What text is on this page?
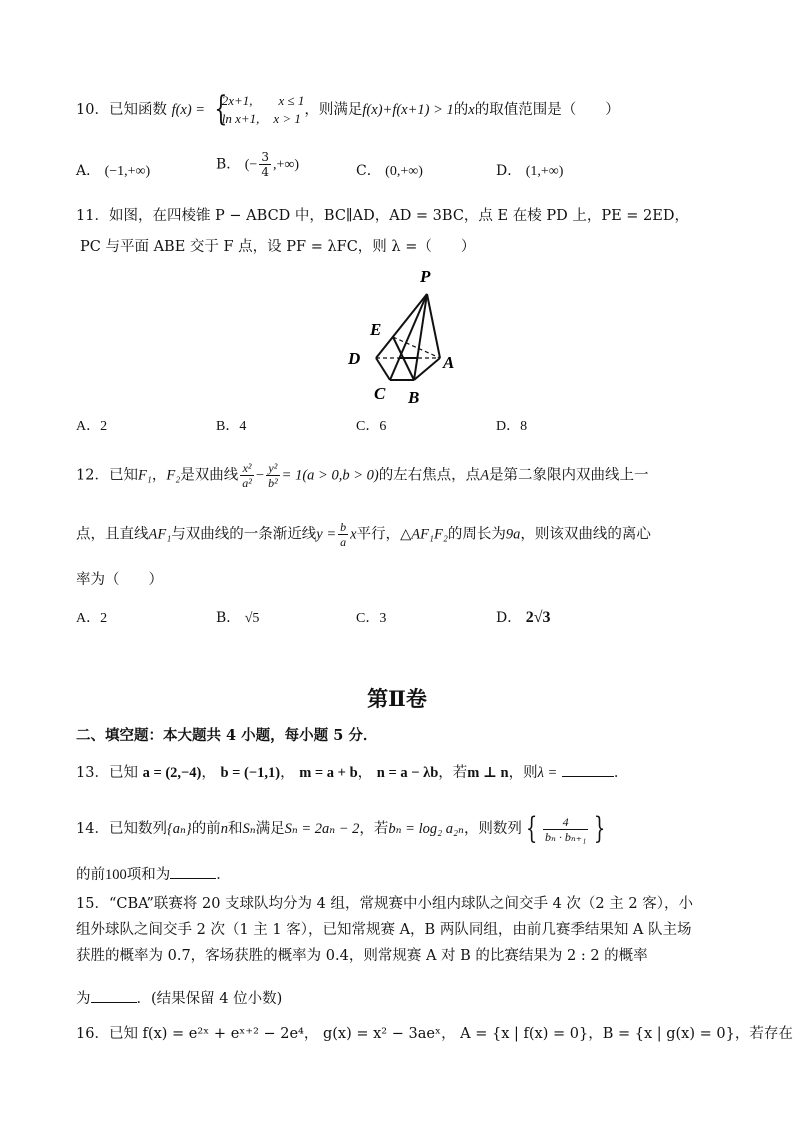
10．已知函数 f(x) = {
2x+1, x ≤ 1
ln x+1, x > 1
，则满足f(x)+f(x+1) > 1的x的取值范围是（　　）
A． (−1,+∞)	B． (− $\frac{3}{4}$ ,+∞)	C． (0,+∞)	D． (1,+∞)
11．如图，在四棱锥 P − ABCD 中，BC∥AD，AD = 3BC，点 E 在棱 PD 上，PE = 2ED，
PC 与平面 ABE 交于 F 点，设 PF = λFC，则 λ =（　　）
P
E
D	A
C B
A．2	B．4	C．6	D．8
12．已知F₁，F₂是双曲线 $\frac{\text{x²}}{\text{a²}} - \frac{\text{y²}}{\text{b²}} = 1(a > 0,b > 0)$的左右焦点，点A是第二象限内双曲线上一
点，且直线AF₁与双曲线的一条渐近线$y = \frac{b}{a}$ x平行，△AF₁F₂的周长为9a，则该双曲线的离心
率为（　　）
A．2	B． √5	C．3	D． 2√3
第Ⅱ卷
二、填空题：本大题共 4 小题，每小题 5 分．
13．已知 a = (2,−4)， b = (−1,1)， m = a + b， n = a − λb，若m ⊥ n，则λ =	．
14．已知数列{aₙ}的前n和Sₙ满足Sₙ = 2aₙ − 2，若bₙ = log₂ a₂ₙ，则数列 { $\frac{4}{\text{bₙ · bₙ₊₁}}$ }
的前100项和为	．
15．“CBA”联赛将 20 支球队均分为 4 组，常规赛中小组内球队之间交手 4 次（2 主 2 客），小
组外球队之间交手 2 次（1 主 1 客），已知常规赛 A，B 两队同组，由前几赛季结果知 A 队主场
获胜的概率为 0.7，客场获胜的概率为 0.4，则常规赛 A 对 B 的比赛结果为 2 : 2 的概率
为	．(结果保留 4 位小数)
16．已知 f(x) = e²ˣ + eˣ⁺² − 2e⁴， g(x) = x² − 3aeˣ， A = {x | f(x) = 0}，B = {x | g(x) = 0}，若存在
